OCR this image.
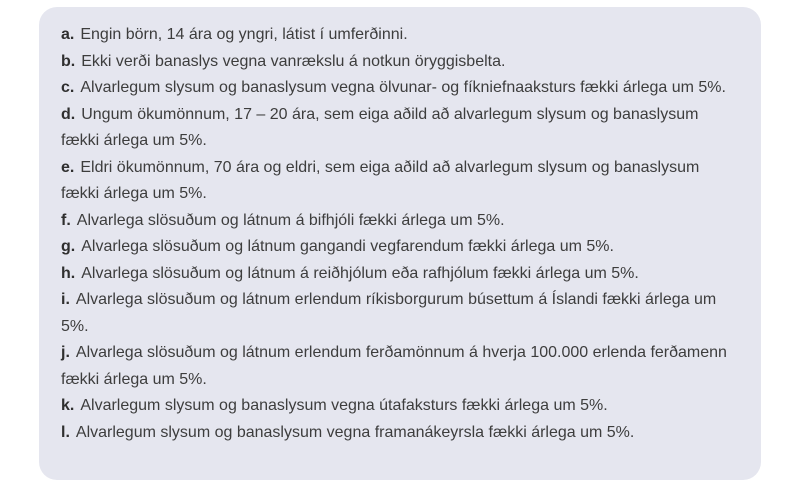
a. Engin börn, 14 ára og yngri, látist í umferðinni.
b. Ekki verði banaslys vegna vanrækslu á notkun öryggisbelta.
c. Alvarlegum slysum og banaslysum vegna ölvunar- og fíkniefnaaksturs fækki árlega um 5%.
d. Ungum ökumönnum, 17 – 20 ára, sem eiga aðild að alvarlegum slysum og banaslysum fækki árlega um 5%.
e. Eldri ökumönnum, 70 ára og eldri, sem eiga aðild að alvarlegum slysum og banaslysum fækki árlega um 5%.
f. Alvarlega slösuðum og látnum á bifhjóli fækki árlega um 5%.
g. Alvarlega slösuðum og látnum gangandi vegfarendum fækki árlega um 5%.
h. Alvarlega slösuðum og látnum á reiðhjólum eða rafhjólum fækki árlega um 5%.
i. Alvarlega slösuðum og látnum erlendum ríkisborgurum búsettum á Íslandi fækki árlega um 5%.
j. Alvarlega slösuðum og látnum erlendum ferðamönnum á hverja 100.000 erlenda ferðamenn fækki árlega um 5%.
k. Alvarlegum slysum og banaslysum vegna útafaksturs fækki árlega um 5%.
l. Alvarlegum slysum og banaslysum vegna framanákeyrsla fækki árlega um 5%.
